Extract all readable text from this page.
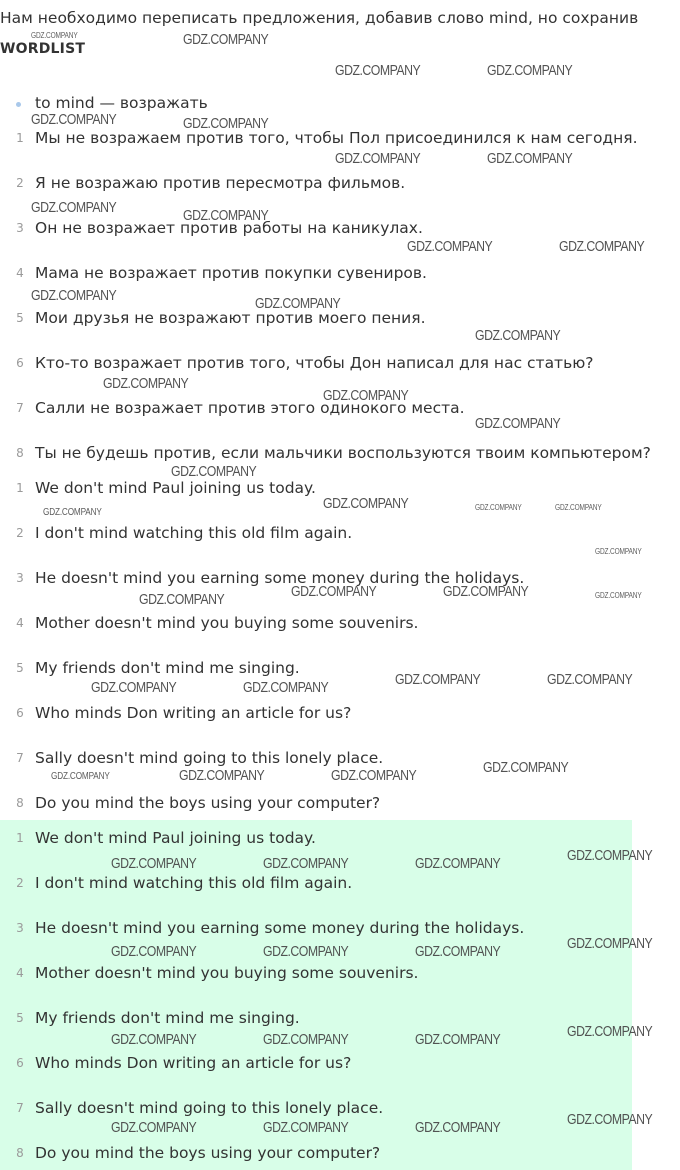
Нам необходимо переписать предложения, добавив слово mind, но сохранив
WORDLIST
to mind — возражать
1 Мы не возражаем против того, чтобы Пол присоединился к нам сегодня.
2 Я не возражаю против пересмотра фильмов.
3 Он не возражает против работы на каникулах.
4 Мама не возражает против покупки сувениров.
5 Мои друзья не возражают против моего пения.
6 Кто-то возражает против того, чтобы Дон написал для нас статью?
7 Салли не возражает против этого одинокого места.
8 Ты не будешь против, если мальчики воспользуются твоим компьютером?
1 We don't mind Paul joining us today.
2 I don't mind watching this old film again.
3 He doesn't mind you earning some money during the holidays.
4 Mother doesn't mind you buying some souvenirs.
5 My friends don't mind me singing.
6 Who minds Don writing an article for us?
7 Sally doesn't mind going to this lonely place.
8 Do you mind the boys using your computer?
1 We don't mind Paul joining us today.
2 I don't mind watching this old film again.
3 He doesn't mind you earning some money during the holidays.
4 Mother doesn't mind you buying some souvenirs.
5 My friends don't mind me singing.
6 Who minds Don writing an article for us?
7 Sally doesn't mind going to this lonely place.
8 Do you mind the boys using your computer?
GDZ.COMPANY	GDZ.COMPANY
GDZ.COMPANY	GDZ.COMPANY
GDZ.COMPANY	GDZ.COMPANY
GDZ.COMPANY	GDZ.COMPANY
GDZ.COMPANY	GDZ.COMPANY
GDZ.COMPANY	GDZ.COMPANY
GDZ.COMPANY	GDZ.COMPANY
GDZ.COMPANY
GDZ.COMPANY
GDZ.COMPANY
GDZ.COMPANY
GDZ.COMPANY
GDZ.COMPANY
GDZ.COMPANY	GDZ.COMPANY	GDZ.COMPANY
GDZ.COMPANY
GDZ.COMPANY	GDZ.COMPANY	GDZ.COMPANY	GDZ.COMPANY
GDZ.COMPANY	GDZ.COMPANY	GDZ.COMPANY	GDZ.COMPANY
GDZ.COMPANY	GDZ.COMPANY	GDZ.COMPANY	GDZ.COMPANY
GDZ.COMPANY	GDZ.COMPANY	GDZ.COMPANY	GDZ.COMPANY
GDZ.COMPANY	GDZ.COMPANY	GDZ.COMPANY	GDZ.COMPANY
GDZ.COMPANY	GDZ.COMPANY	GDZ.COMPANY	GDZ.COMPANY
GDZ.COMPANY	GDZ.COMPANY	GDZ.COMPANY	GDZ.COMPANY
